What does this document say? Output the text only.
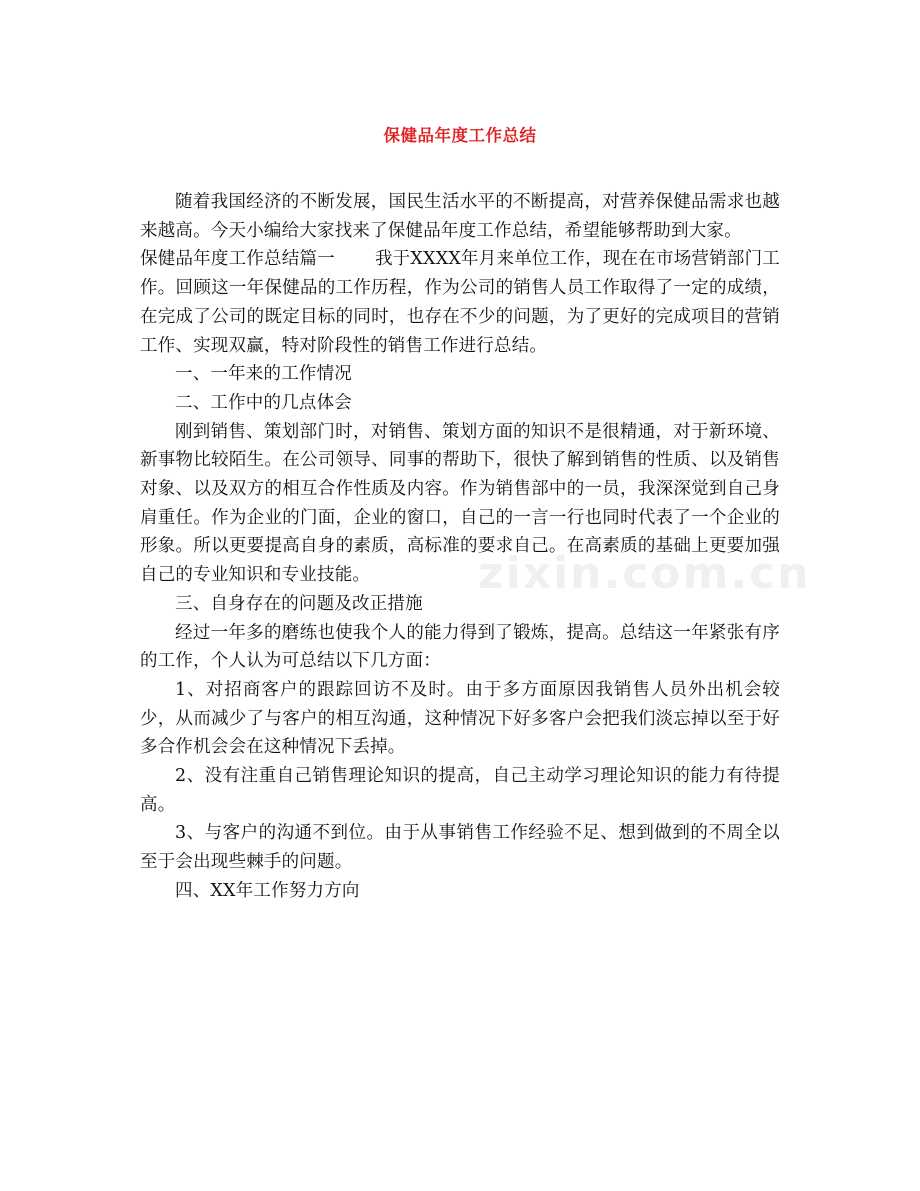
保健品年度工作总结

随着我国经济的不断发展，国民生活水平的不断提高，对营养保健品需求也越来越高。今天小编给大家找来了保健品年度工作总结，希望能够帮助到大家。

保健品年度工作总结篇一 我于XXXX年月来单位工作，现在在市场营销部门工作。回顾这一年保健品的工作历程，作为公司的销售人员工作取得了一定的成绩，在完成了公司的既定目标的同时，也存在不少的问题，为了更好的完成项目的营销工作、实现双赢，特对阶段性的销售工作进行总结。

一、一年来的工作情况

二、工作中的几点体会

刚到销售、策划部门时，对销售、策划方面的知识不是很精通，对于新环境、新事物比较陌生。在公司领导、同事的帮助下，很快了解到销售的性质、以及销售对象、以及双方的相互合作性质及内容。作为销售部中的一员，我深深觉到自己身肩重任。作为企业的门面，企业的窗口，自己的一言一行也同时代表了一个企业的形象。所以更要提高自身的素质，高标准的要求自己。在高素质的基础上更要加强自己的专业知识和专业技能。

三、自身存在的问题及改正措施

经过一年多的磨练也使我个人的能力得到了锻炼，提高。总结这一年紧张有序的工作，个人认为可总结以下几方面：

1、对招商客户的跟踪回访不及时。由于多方面原因我销售人员外出机会较少，从而减少了与客户的相互沟通，这种情况下好多客户会把我们淡忘掉以至于好多合作机会会在这种情况下丢掉。

2、没有注重自己销售理论知识的提高，自己主动学习理论知识的能力有待提高。

3、与客户的沟通不到位。由于从事销售工作经验不足、想到做到的不周全以至于会出现些棘手的问题。

四、XX年工作努力方向

zixin.com.cn
